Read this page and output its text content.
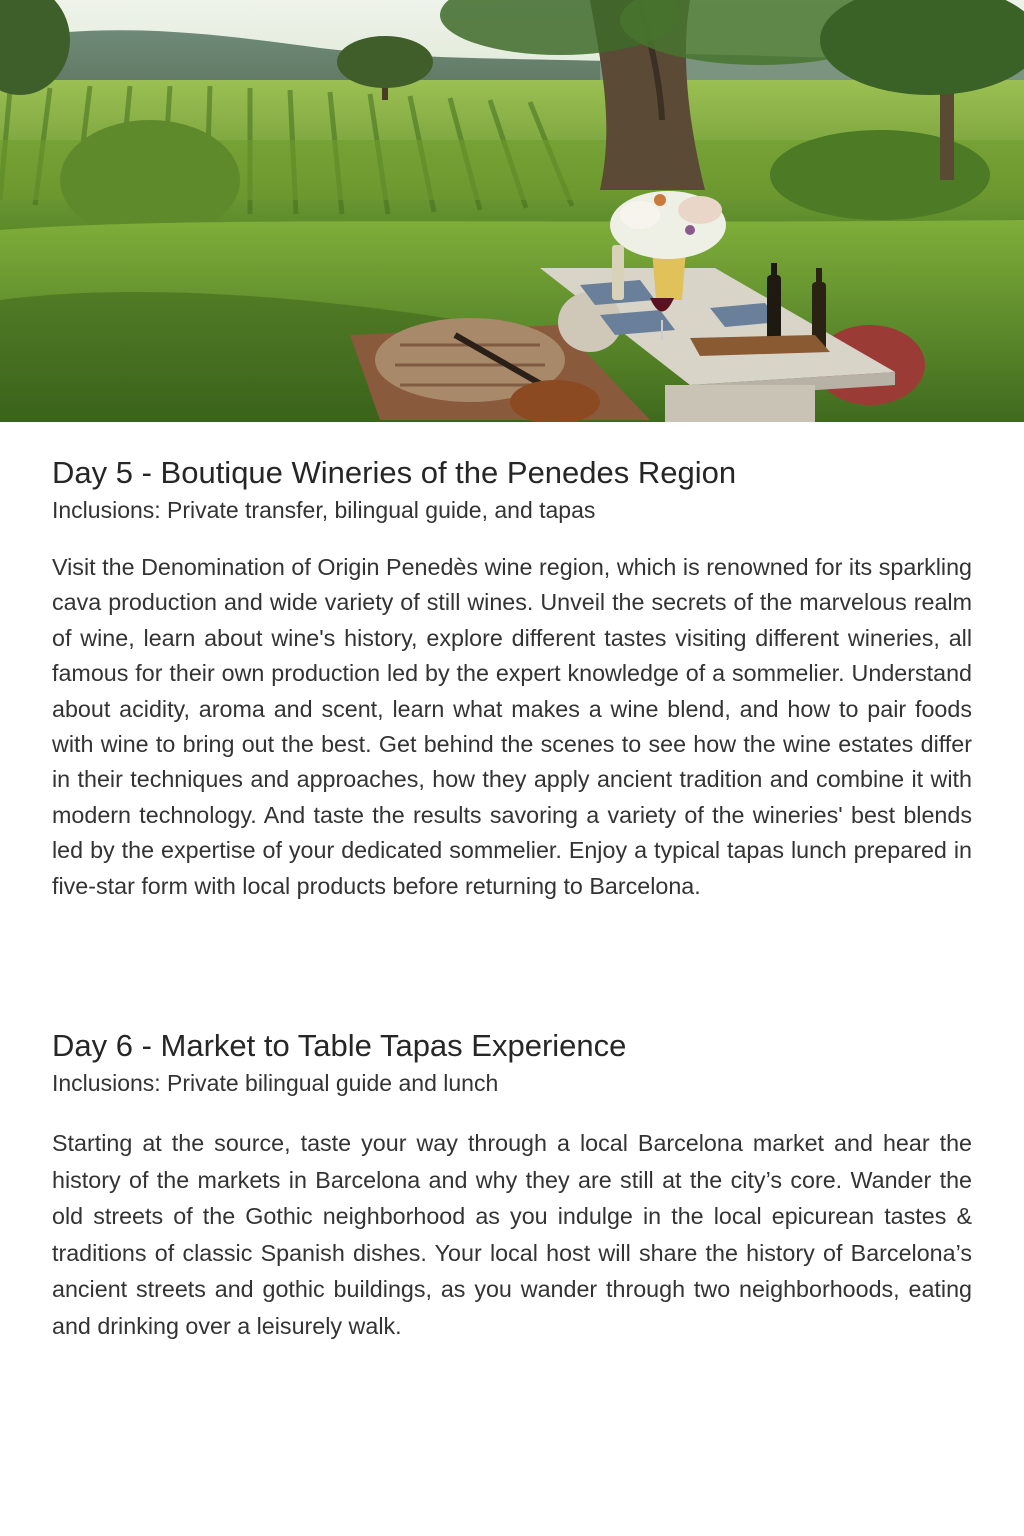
Day 5 - Boutique Wineries of the Penedes Region

Inclusions: Private transfer, bilingual guide, and tapas

Visit the Denomination of Origin Penedès wine region, which is renowned for its sparkling cava production and wide variety of still wines. Unveil the secrets of the marvelous realm of wine, learn about wine's history, explore different tastes visiting different wineries, all famous for their own production led by the expert knowledge of a sommelier. Understand about acidity, aroma and scent, learn what makes a wine blend, and how to pair foods with wine to bring out the best. Get behind the scenes to see how the wine estates differ in their techniques and approaches, how they apply ancient tradition and combine it with modern technology. And taste the results savoring a variety of the wineries' best blends led by the expertise of your dedicated sommelier. Enjoy a typical tapas lunch prepared in five-star form with local products before returning to Barcelona.

Day 6 - Market to Table Tapas Experience

Inclusions: Private bilingual guide and lunch

Starting at the source, taste your way through a local Barcelona market and hear the history of the markets in Barcelona and why they are still at the city’s core. Wander the old streets of the Gothic neighborhood as you indulge in the local epicurean tastes & traditions of classic Spanish dishes. Your local host will share the history of Barcelona’s ancient streets and gothic buildings, as you wander through two neighborhoods, eating and drinking over a leisurely walk.
